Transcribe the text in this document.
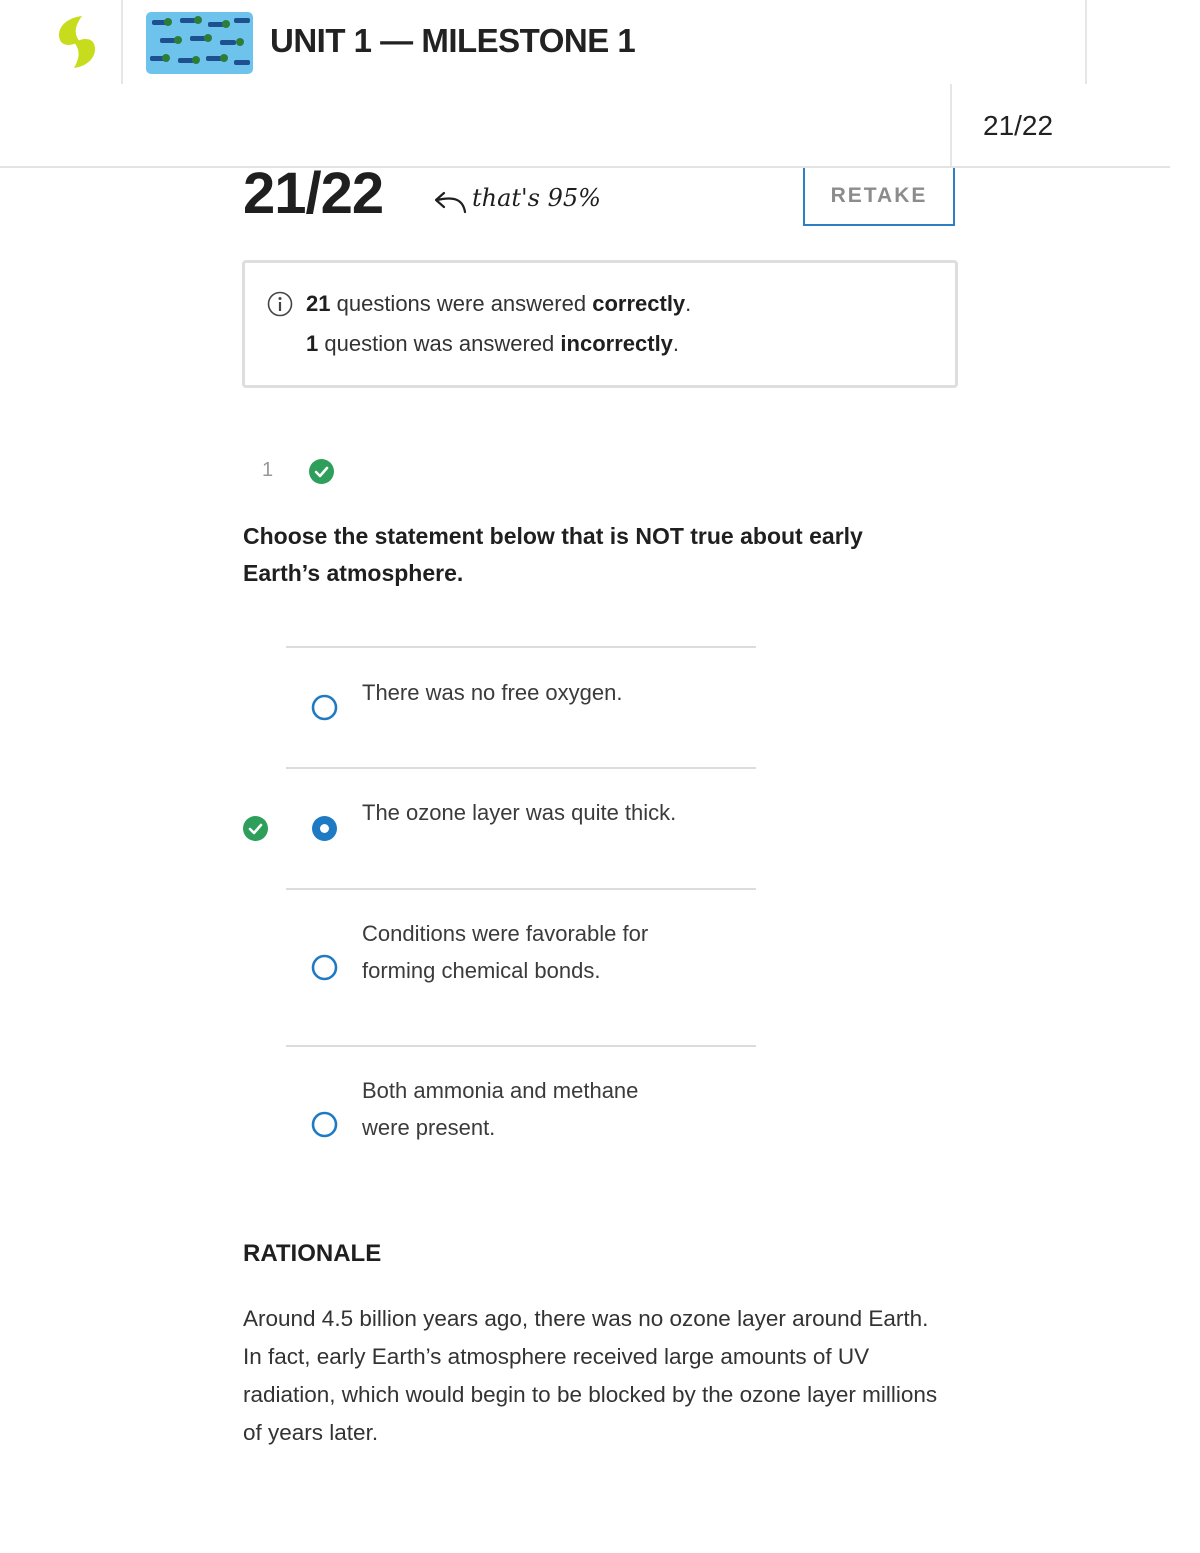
UNIT 1 — MILESTONE 1
21/22
21/22	that's 95%	RETAKE
21 questions were answered correctly.
1 question was answered incorrectly.
1
Choose the statement below that is NOT true about early Earth’s atmosphere.
There was no free oxygen.
The ozone layer was quite thick.
Conditions were favorable for forming chemical bonds.
Both ammonia and methane were present.
RATIONALE
Around 4.5 billion years ago, there was no ozone layer around Earth. In fact, early Earth’s atmosphere received large amounts of UV radiation, which would begin to be blocked by the ozone layer millions of years later.
